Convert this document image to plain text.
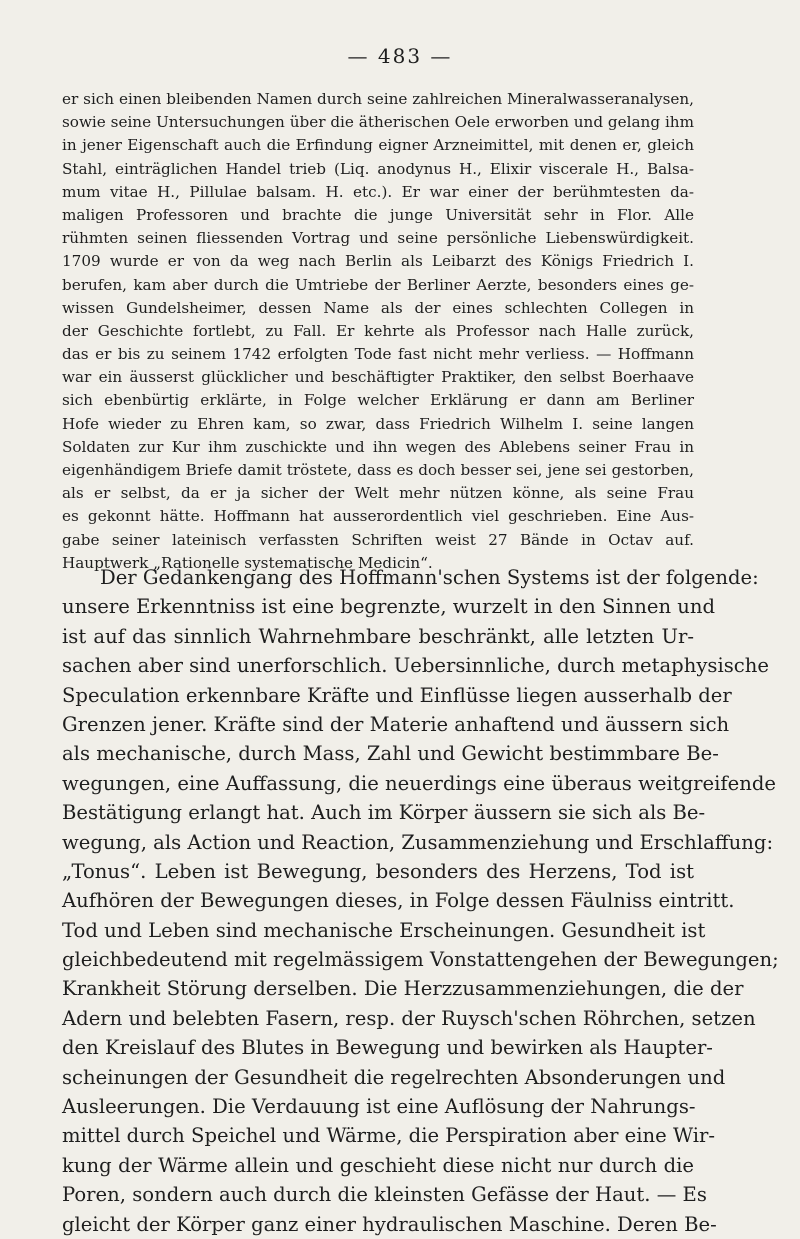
— 483 —
er sich einen bleibenden Namen durch seine zahlreichen Mineralwasseranalysen,
sowie seine Untersuchungen über die ätherischen Oele erworben und gelang ihm
in jener Eigenschaft auch die Erfindung eigner Arzneimittel, mit denen er, gleich
Stahl, einträglichen Handel trieb (Liq. anodynus H., Elixir viscerale H., Balsa-
mum vitae H., Pillulae balsam. H. etc.). Er war einer der berühmtesten da-
maligen Professoren und brachte die junge Universität sehr in Flor. Alle
rühmten seinen fliessenden Vortrag und seine persönliche Liebenswürdigkeit.
1709 wurde er von da weg nach Berlin als Leibarzt des Königs Friedrich I.
berufen, kam aber durch die Umtriebe der Berliner Aerzte, besonders eines ge-
wissen Gundelsheimer, dessen Name als der eines schlechten Collegen in
der Geschichte fortlebt, zu Fall. Er kehrte als Professor nach Halle zurück,
das er bis zu seinem 1742 erfolgten Tode fast nicht mehr verliess. — Hoffmann
war ein äusserst glücklicher und beschäftigter Praktiker, den selbst Boerhaave
sich ebenbürtig erklärte, in Folge welcher Erklärung er dann am Berliner
Hofe wieder zu Ehren kam, so zwar, dass Friedrich Wilhelm I. seine langen
Soldaten zur Kur ihm zuschickte und ihn wegen des Ablebens seiner Frau in
eigenhändigem Briefe damit tröstete, dass es doch besser sei, jene sei gestorben,
als er selbst, da er ja sicher der Welt mehr nützen könne, als seine Frau
es gekonnt hätte. Hoffmann hat ausserordentlich viel geschrieben. Eine Aus-
gabe seiner lateinisch verfassten Schriften weist 27 Bände in Octav auf.
Hauptwerk „Rationelle systematische Medicin“.
Der Gedankengang des Hoffmann'schen Systems ist der folgende:
unsere Erkenntniss ist eine begrenzte, wurzelt in den Sinnen und
ist auf das sinnlich Wahrnehmbare beschränkt, alle letzten Ur-
sachen aber sind unerforschlich. Uebersinnliche, durch metaphysische
Speculation erkennbare Kräfte und Einflüsse liegen ausserhalb der
Grenzen jener. Kräfte sind der Materie anhaftend und äussern sich
als mechanische, durch Mass, Zahl und Gewicht bestimmbare Be-
wegungen, eine Auffassung, die neuerdings eine überaus weitgreifende
Bestätigung erlangt hat. Auch im Körper äussern sie sich als Be-
wegung, als Action und Reaction, Zusammenziehung und Erschlaffung:
„Tonus“. Leben ist Bewegung, besonders des Herzens, Tod ist
Aufhören der Bewegungen dieses, in Folge dessen Fäulniss eintritt.
Tod und Leben sind mechanische Erscheinungen. Gesundheit ist
gleichbedeutend mit regelmässigem Vonstattengehen der Bewegungen;
Krankheit Störung derselben. Die Herzzusammenziehungen, die der
Adern und belebten Fasern, resp. der Ruysch'schen Röhrchen, setzen
den Kreislauf des Blutes in Bewegung und bewirken als Haupter-
scheinungen der Gesundheit die regelrechten Absonderungen und
Ausleerungen. Die Verdauung ist eine Auflösung der Nahrungs-
mittel durch Speichel und Wärme, die Perspiration aber eine Wir-
kung der Wärme allein und geschieht diese nicht nur durch die
Poren, sondern auch durch die kleinsten Gefässe der Haut. — Es
gleicht der Körper ganz einer hydraulischen Maschine. Deren Be-
